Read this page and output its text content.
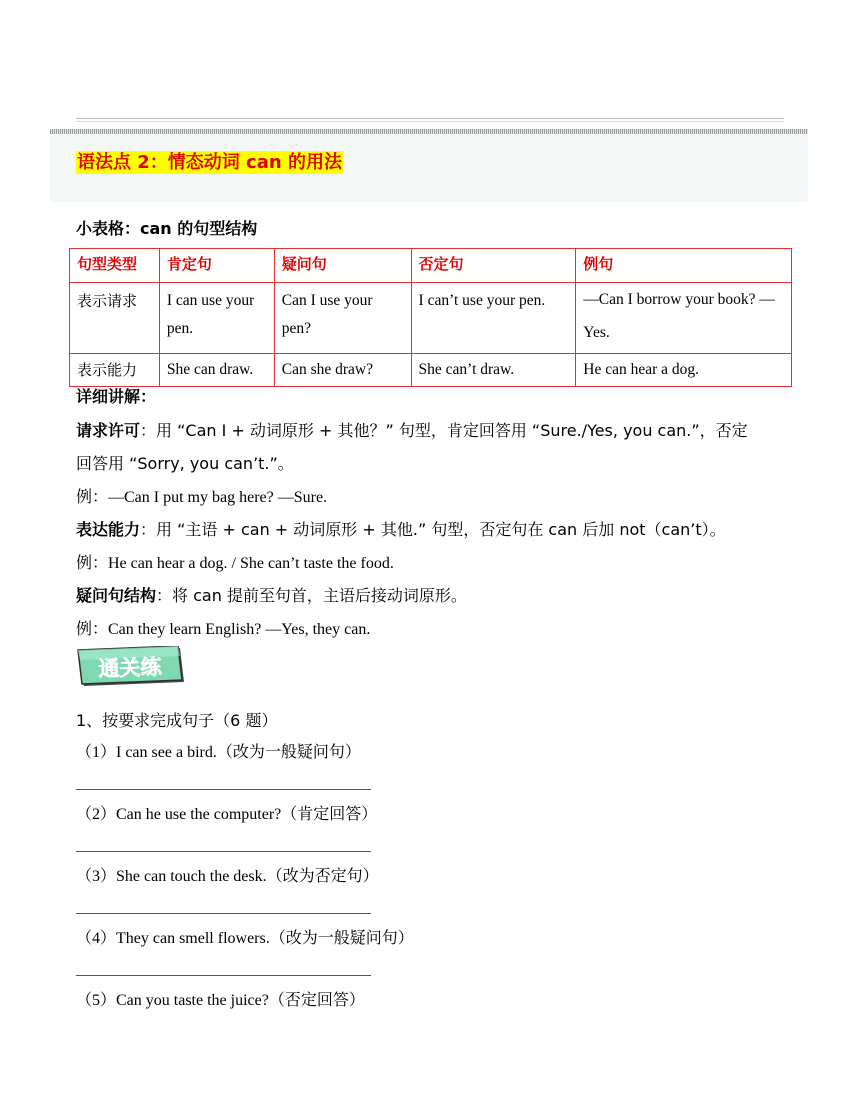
语法点 2：情态动词 can 的用法
小表格：can 的句型结构
句型类型	肯定句	疑问句	否定句	例句
表示请求	I can use your pen.	Can I use your pen?	I can’t use your pen.	—Can I borrow your book? —Yes.
表示能力	She can draw.	Can she draw?	She can’t draw.	He can hear a dog.
详细讲解：
请求许可：用 “Can I + 动词原形 + 其他？” 句型，肯定回答用 “Sure./Yes, you can.”，否定
回答用 “Sorry, you can’t.”。
例：—Can I put my bag here? —Sure.
表达能力：用 “主语 + can + 动词原形 + 其他.” 句型，否定句在 can 后加 not（can’t）。
例：He can hear a dog. / She can’t taste the food.
疑问句结构：将 can 提前至句首，主语后接动词原形。
例：Can they learn English? —Yes, they can.
通关练
1、按要求完成句子（6 题）
（1）I can see a bird.（改为一般疑问句）
（2）Can he use the computer?（肯定回答）
（3）She can touch the desk.（改为否定句）
（4）They can smell flowers.（改为一般疑问句）
（5）Can you taste the juice?（否定回答）
